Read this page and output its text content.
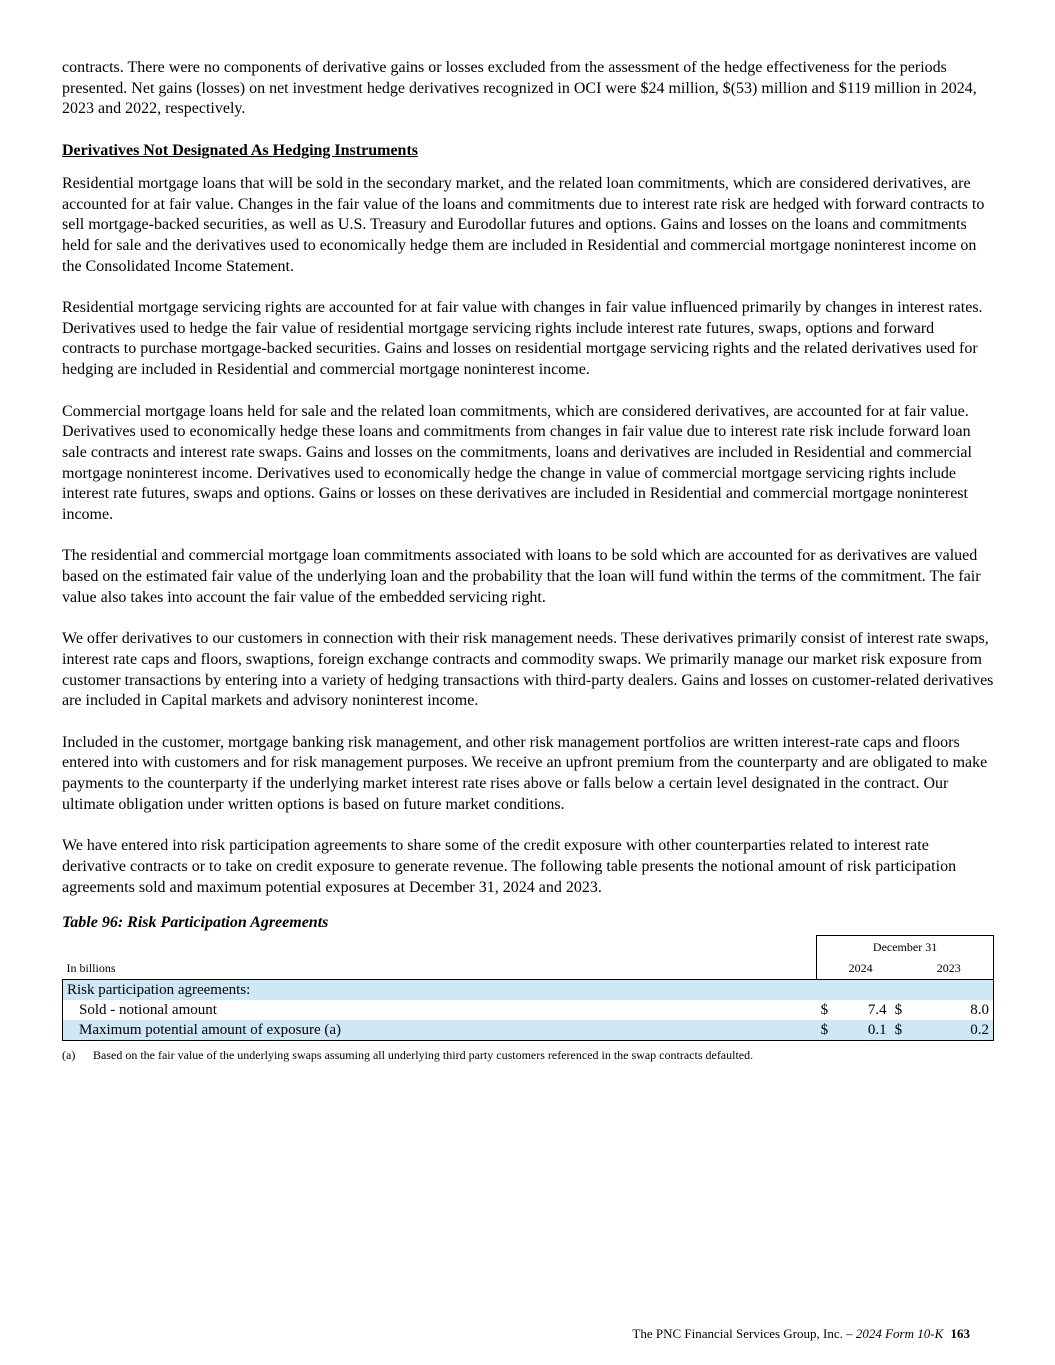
contracts. There were no components of derivative gains or losses excluded from the assessment of the hedge effectiveness for the periods presented. Net gains (losses) on net investment hedge derivatives recognized in OCI were $24 million, $(53) million and $119 million in 2024, 2023 and 2022, respectively.

Derivatives Not Designated As Hedging Instruments

Residential mortgage loans that will be sold in the secondary market, and the related loan commitments, which are considered derivatives, are accounted for at fair value. Changes in the fair value of the loans and commitments due to interest rate risk are hedged with forward contracts to sell mortgage-backed securities, as well as U.S. Treasury and Eurodollar futures and options. Gains and losses on the loans and commitments held for sale and the derivatives used to economically hedge them are included in Residential and commercial mortgage noninterest income on the Consolidated Income Statement.

Residential mortgage servicing rights are accounted for at fair value with changes in fair value influenced primarily by changes in interest rates. Derivatives used to hedge the fair value of residential mortgage servicing rights include interest rate futures, swaps, options and forward contracts to purchase mortgage-backed securities. Gains and losses on residential mortgage servicing rights and the related derivatives used for hedging are included in Residential and commercial mortgage noninterest income.

Commercial mortgage loans held for sale and the related loan commitments, which are considered derivatives, are accounted for at fair value. Derivatives used to economically hedge these loans and commitments from changes in fair value due to interest rate risk include forward loan sale contracts and interest rate swaps. Gains and losses on the commitments, loans and derivatives are included in Residential and commercial mortgage noninterest income. Derivatives used to economically hedge the change in value of commercial mortgage servicing rights include interest rate futures, swaps and options. Gains or losses on these derivatives are included in Residential and commercial mortgage noninterest income.

The residential and commercial mortgage loan commitments associated with loans to be sold which are accounted for as derivatives are valued based on the estimated fair value of the underlying loan and the probability that the loan will fund within the terms of the commitment. The fair value also takes into account the fair value of the embedded servicing right.

We offer derivatives to our customers in connection with their risk management needs. These derivatives primarily consist of interest rate swaps, interest rate caps and floors, swaptions, foreign exchange contracts and commodity swaps. We primarily manage our market risk exposure from customer transactions by entering into a variety of hedging transactions with third-party dealers. Gains and losses on customer-related derivatives are included in Capital markets and advisory noninterest income.

Included in the customer, mortgage banking risk management, and other risk management portfolios are written interest-rate caps and floors entered into with customers and for risk management purposes. We receive an upfront premium from the counterparty and are obligated to make payments to the counterparty if the underlying market interest rate rises above or falls below a certain level designated in the contract. Our ultimate obligation under written options is based on future market conditions.

We have entered into risk participation agreements to share some of the credit exposure with other counterparties related to interest rate derivative contracts or to take on credit exposure to generate revenue. The following table presents the notional amount of risk participation agreements sold and maximum potential exposures at December 31, 2024 and 2023.

Table 96: Risk Participation Agreements
	December 31			
In billions		2024		2023
Risk participation agreements:				
Sold - notional amount	$	7.4	$	8.0
Maximum potential amount of exposure (a)	$	0.1	$	0.2
(a)	Based on the fair value of the underlying swaps assuming all underlying third party customers referenced in the swap contracts defaulted.
The PNC Financial Services Group, Inc. – 2024 Form 10-K 163
